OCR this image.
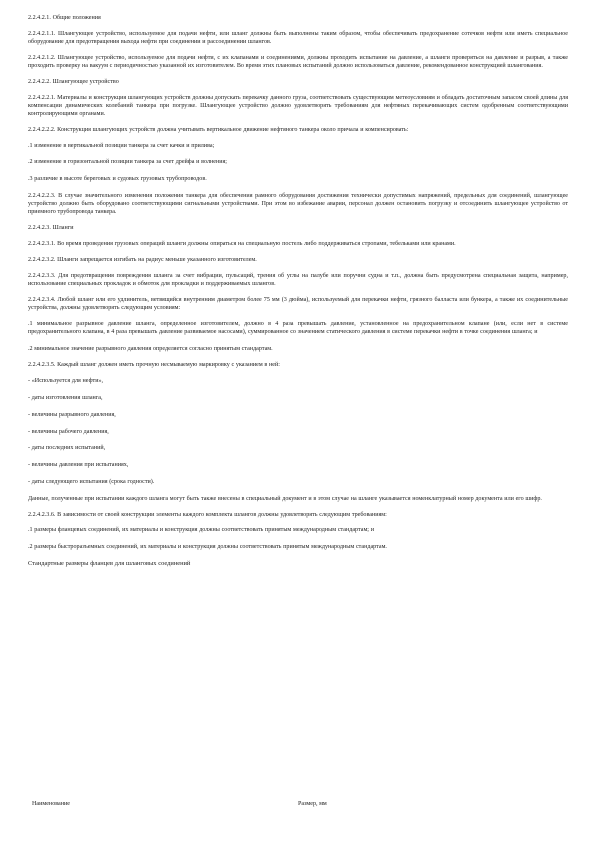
2.2.4.2.1. Общие положения

2.2.4.2.1.1. Шлангующее устройство, используемое для подачи нефти, или шланг должны быть выполнены таким образом, чтобы обеспечивать предохранение сотечков нефти или иметь специальное оборудование для предотвращения выхода нефти при соединении и рассоединении шлангов.

2.2.4.2.1.2. Шлангующее устройство, используемое для подачи нефти, с их клапанами и соединениями, должны проходить испытание на давление, а шланги проверяться на давление и разрыв, а также проходить проверку на вакуум с периодичностью указанной их изготовителем. Во время этих плановых испытаний должно использоваться давление, рекомендованное конструкцией шлангования.

2.2.4.2.2. Шлангующее устройство

2.2.4.2.2.1. Материалы и конструкция шлангующих устройств должны допускать перекачку данного груза, соответствовать существующим метеоусловиям и обладать достаточным запасом своей длины для компенсации динамических колебаний танкера при погрузке. Шлангующее устройство должно удовлетворять требованиям для нефтяных перекачивающих систем одобренным соответствующими контролирующими органами.

2.2.4.2.2.2. Конструкция шлангующих устройств должна учитывать вертикальное движение нефтяного танкера около причала и компенсировать:

.1 изменение в вертикальной позиции танкера за счет качки и прилива;

.2 изменение в горизонтальной позиции танкера за счет дрейфа и волнения;

.3 различие в высоте береговых и судовых грузовых трубопроводов.

2.2.4.2.2.3. В случае значительного изменения положения танкера для обеспечения рамного оборудования достижения технически допустимых напряжений, предельных для соединений, шлангующее устройство должно быть оборудовано соответствующими сигнальными устройствами. При этом во избежание аварии, персонал должен остановить погрузку и отсоединить шлангующее устройство от приемного трубопровода танкера.

2.2.4.2.3. Шланги

2.2.4.2.3.1. Во время проведения грузовых операций шланги должны опираться на специальную постель либо поддерживаться стропами, тебельками или кранами.

2.2.4.2.3.2. Шланги запрещается изгибать на радиус меньше указанного изготовителем.

2.2.4.2.3.3. Для предотвращения повреждения шланга за счет вибрации, пульсаций, трения об углы на палубе или поручни судна и т.п., должна быть предусмотрена специальная защита, например, использование специальных прокладок и обмоток для прокладки и поддерживаемых шлангов.

2.2.4.2.3.4. Любой шланг или его удлинитель, ветвящийся внутренним диаметром более 75 мм (3 дюйма), используемый для перекачки нефти, грязного балласта или бункера, а также их соединительные устройства, должны удовлетворять следующим условиям:

.1 минимальное разрывное давление шланга, определенное изготовителем, должно в 4 раза превышать давление, установленное на предохранительном клапане (или, если нет в системе предохранительного клапана, в 4 раза превышать давление развиваемое насосами), суммированное со значением статического давления в системе перекачки нефти в точке соединения шланга; и

.2 минимальное значение разрывного давления определяется согласно принятым стандартам.

2.2.4.2.3.5. Каждый шланг должен иметь прочную несмываемую маркировку с указанием в ней:

- «Используется для нефти»,

- даты изготовления шланга,

- величины разрывного давления,

- величины рабочего давления,

- даты последних испытаний,

- величины давления при испытаниях,

- даты следующего испытания (срока годности).

Данные, полученные при испытании каждого шланга могут быть также внесены в специальный документ и в этом случае на шланге указывается номенклатурный номер документа или его шифр.

2.2.4.2.3.6. В зависимости от своей конструкции элементы каждого комплекта шлангов должны удовлетворять следующим требованиям:

.1 размеры фланцевых соединений, их материалы и конструкция должны соответствовать принятым международным стандартам; и

.2 размеры быстроразъемных соединений, их материалы и конструкция должны соответствовать принятым международным стандартам.

Стандартные размеры фланцев для шланговых соединений

Наименование	Размер, мм
